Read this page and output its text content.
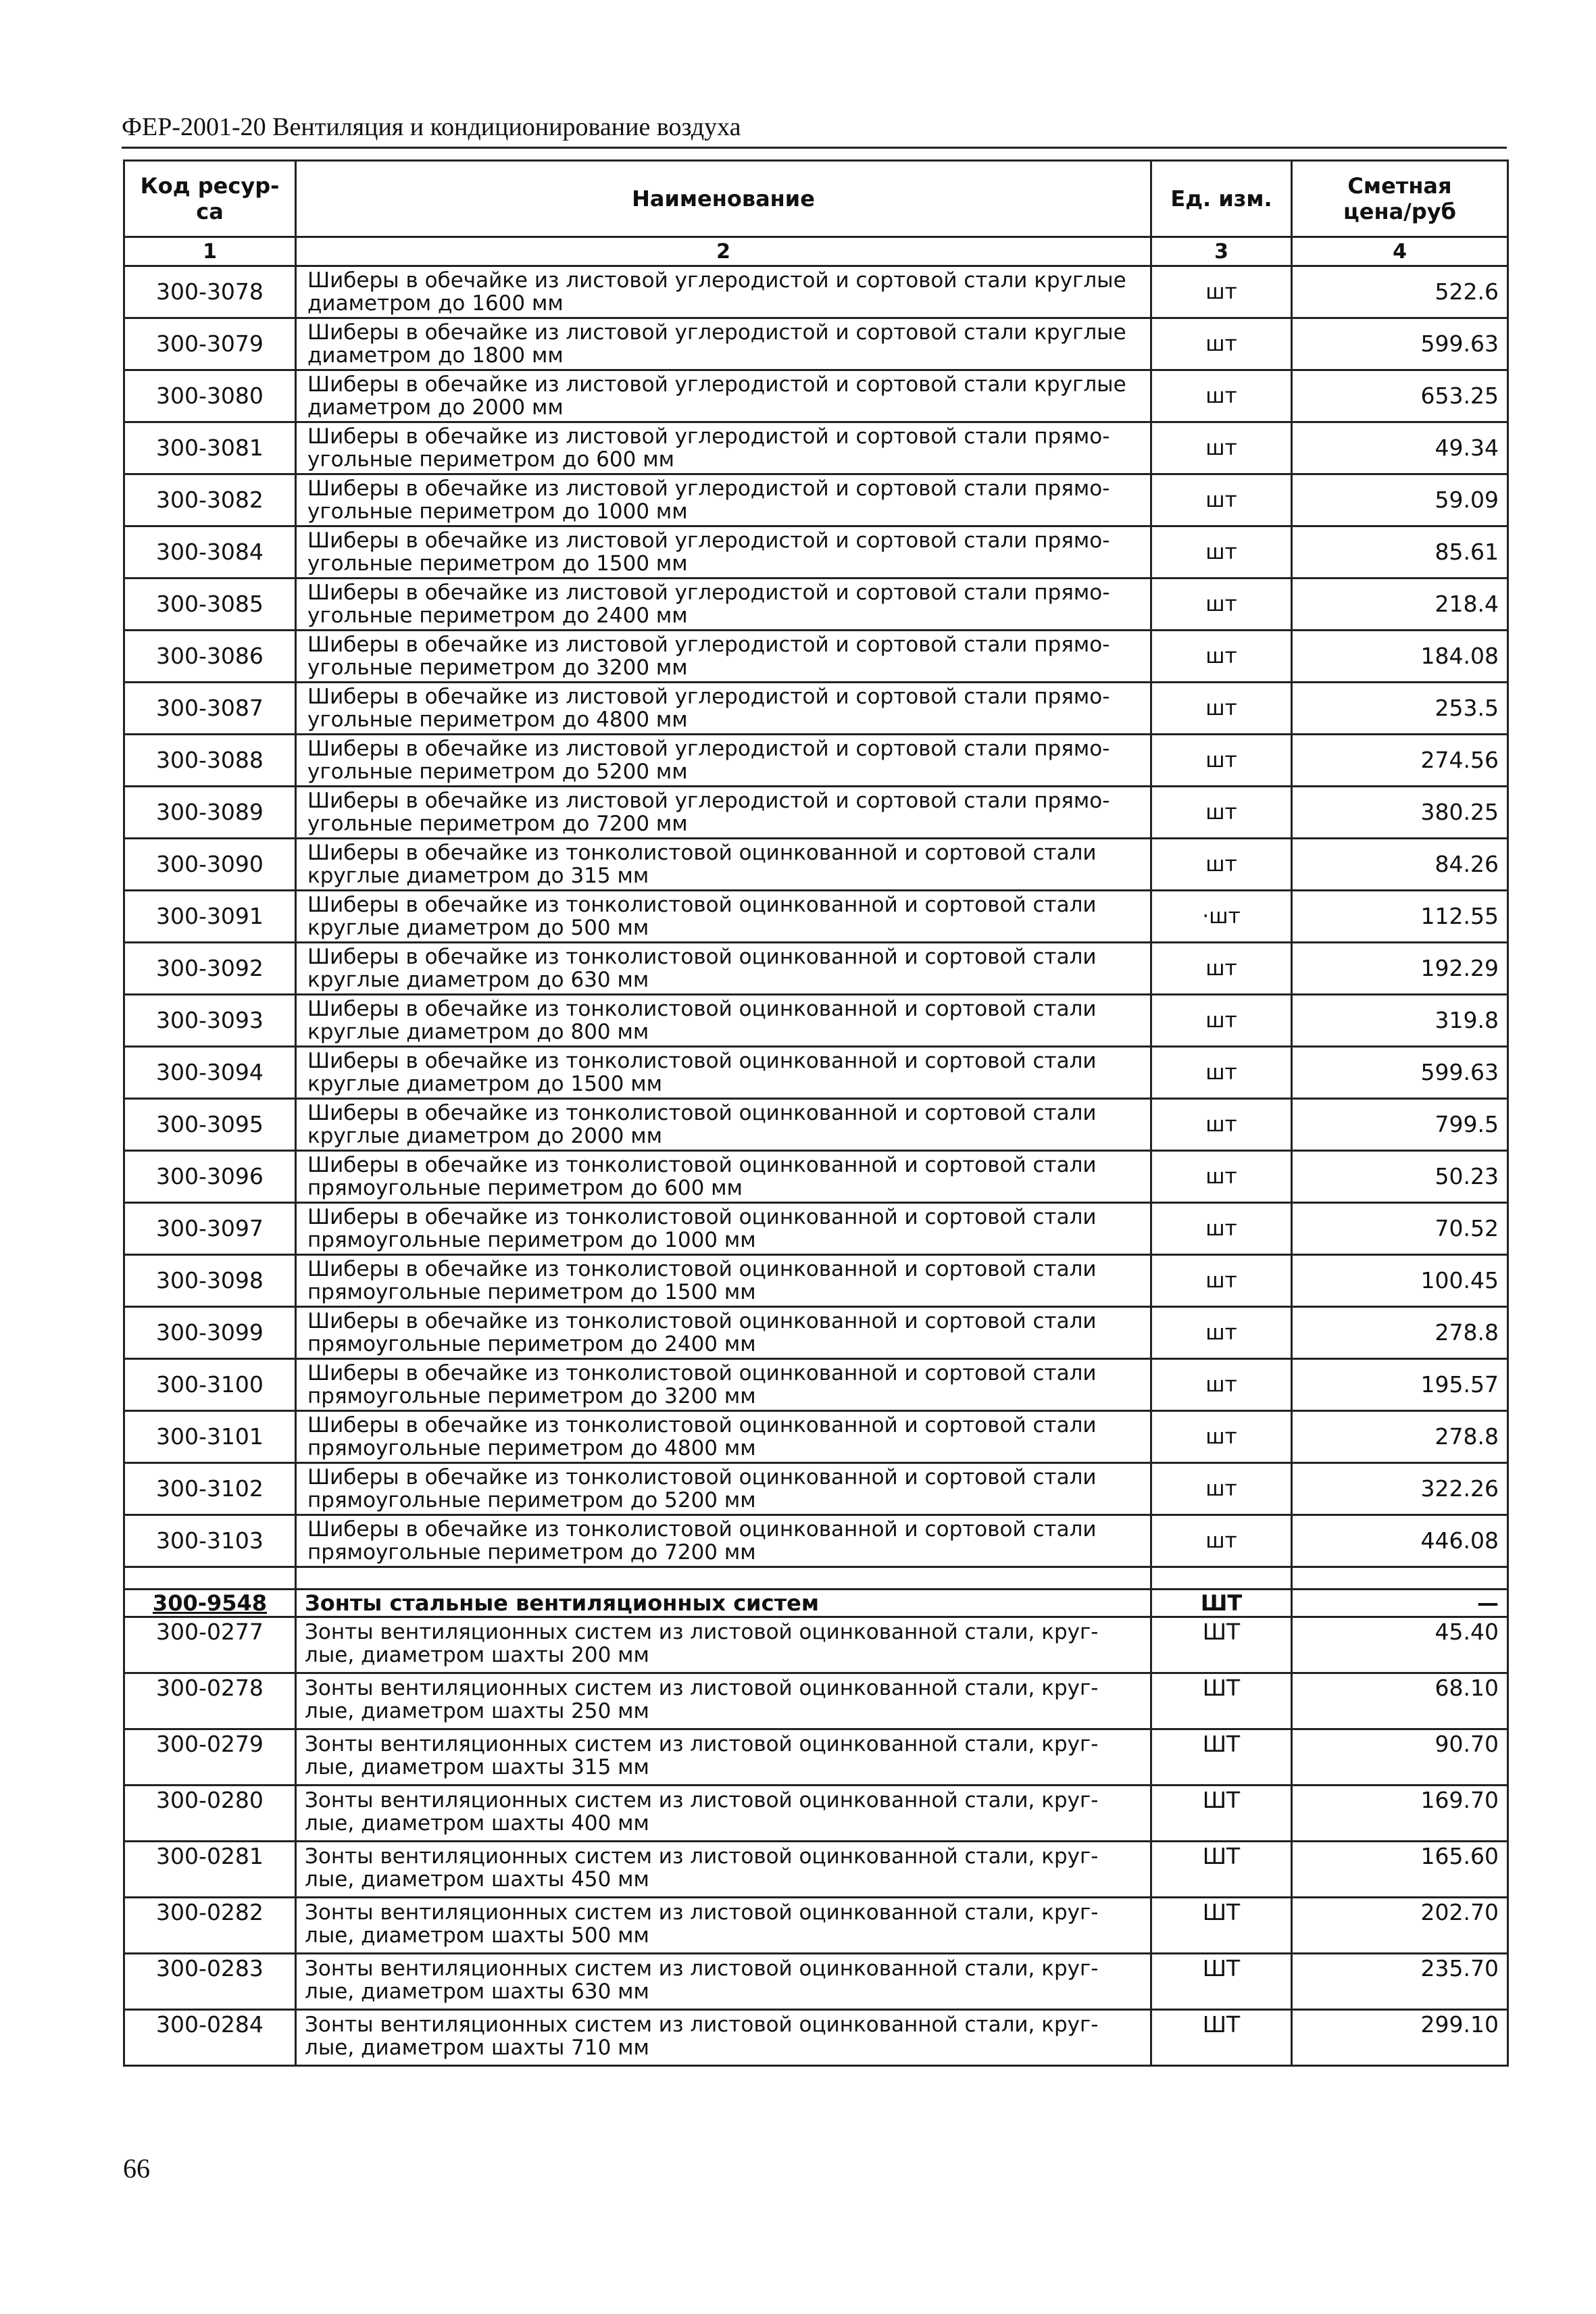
ФЕР-2001-20 Вентиляция и кондиционирование воздуха
Код ресур-
са	Наименование	Ед. изм.	Сметная
цена/руб
1	2	3	4
300-3078	Шиберы в обечайке из листовой углеродистой и сортовой стали круглые диаметром до 1600 мм	шт	522.6
300-3079	Шиберы в обечайке из листовой углеродистой и сортовой стали круглые диаметром до 1800 мм	шт	599.63
300-3080	Шиберы в обечайке из листовой углеродистой и сортовой стали круглые диаметром до 2000 мм	шт	653.25
300-3081	Шиберы в обечайке из листовой углеродистой и сортовой стали прямо-угольные периметром до 600 мм	шт	49.34
300-3082	Шиберы в обечайке из листовой углеродистой и сортовой стали прямо-угольные периметром до 1000 мм	шт	59.09
300-3084	Шиберы в обечайке из листовой углеродистой и сортовой стали прямо-угольные периметром до 1500 мм	шт	85.61
300-3085	Шиберы в обечайке из листовой углеродистой и сортовой стали прямо-угольные периметром до 2400 мм	шт	218.4
300-3086	Шиберы в обечайке из листовой углеродистой и сортовой стали прямо-угольные периметром до 3200 мм	шт	184.08
300-3087	Шиберы в обечайке из листовой углеродистой и сортовой стали прямо-угольные периметром до 4800 мм	шт	253.5
300-3088	Шиберы в обечайке из листовой углеродистой и сортовой стали прямо-угольные периметром до 5200 мм	шт	274.56
300-3089	Шиберы в обечайке из листовой углеродистой и сортовой стали прямо-угольные периметром до 7200 мм	шт	380.25
300-3090	Шиберы в обечайке из тонколистовой оцинкованной и сортовой стали круглые диаметром до 315 мм	шт	84.26
300-3091	Шиберы в обечайке из тонколистовой оцинкованной и сортовой стали круглые диаметром до 500 мм	·шт	112.55
300-3092	Шиберы в обечайке из тонколистовой оцинкованной и сортовой стали круглые диаметром до 630 мм	шт	192.29
300-3093	Шиберы в обечайке из тонколистовой оцинкованной и сортовой стали круглые диаметром до 800 мм	шт	319.8
300-3094	Шиберы в обечайке из тонколистовой оцинкованной и сортовой стали круглые диаметром до 1500 мм	шт	599.63
300-3095	Шиберы в обечайке из тонколистовой оцинкованной и сортовой стали круглые диаметром до 2000 мм	шт	799.5
300-3096	Шиберы в обечайке из тонколистовой оцинкованной и сортовой стали прямоугольные периметром до 600 мм	шт	50.23
300-3097	Шиберы в обечайке из тонколистовой оцинкованной и сортовой стали прямоугольные периметром до 1000 мм	шт	70.52
300-3098	Шиберы в обечайке из тонколистовой оцинкованной и сортовой стали прямоугольные периметром до 1500 мм	шт	100.45
300-3099	Шиберы в обечайке из тонколистовой оцинкованной и сортовой стали прямоугольные периметром до 2400 мм	шт	278.8
300-3100	Шиберы в обечайке из тонколистовой оцинкованной и сортовой стали прямоугольные периметром до 3200 мм	шт	195.57
300-3101	Шиберы в обечайке из тонколистовой оцинкованной и сортовой стали прямоугольные периметром до 4800 мм	шт	278.8
300-3102	Шиберы в обечайке из тонколистовой оцинкованной и сортовой стали прямоугольные периметром до 5200 мм	шт	322.26
300-3103	Шиберы в обечайке из тонколистовой оцинкованной и сортовой стали прямоугольные периметром до 7200 мм	шт	446.08

300-9548	Зонты стальные вентиляционных систем	ШТ	—
300-0277	Зонты вентиляционных систем из листовой оцинкованной стали, круг-лые, диаметром шахты 200 мм	ШТ	45.40
300-0278	Зонты вентиляционных систем из листовой оцинкованной стали, круг-лые, диаметром шахты 250 мм	ШТ	68.10
300-0279	Зонты вентиляционных систем из листовой оцинкованной стали, круг-лые, диаметром шахты 315 мм	ШТ	90.70
300-0280	Зонты вентиляционных систем из листовой оцинкованной стали, круг-лые, диаметром шахты 400 мм	ШТ	169.70
300-0281	Зонты вентиляционных систем из листовой оцинкованной стали, круг-лые, диаметром шахты 450 мм	ШТ	165.60
300-0282	Зонты вентиляционных систем из листовой оцинкованной стали, круг-лые, диаметром шахты 500 мм	ШТ	202.70
300-0283	Зонты вентиляционных систем из листовой оцинкованной стали, круг-лые, диаметром шахты 630 мм	ШТ	235.70
300-0284	Зонты вентиляционных систем из листовой оцинкованной стали, круг-лые, диаметром шахты 710 мм	ШТ	299.10
66
